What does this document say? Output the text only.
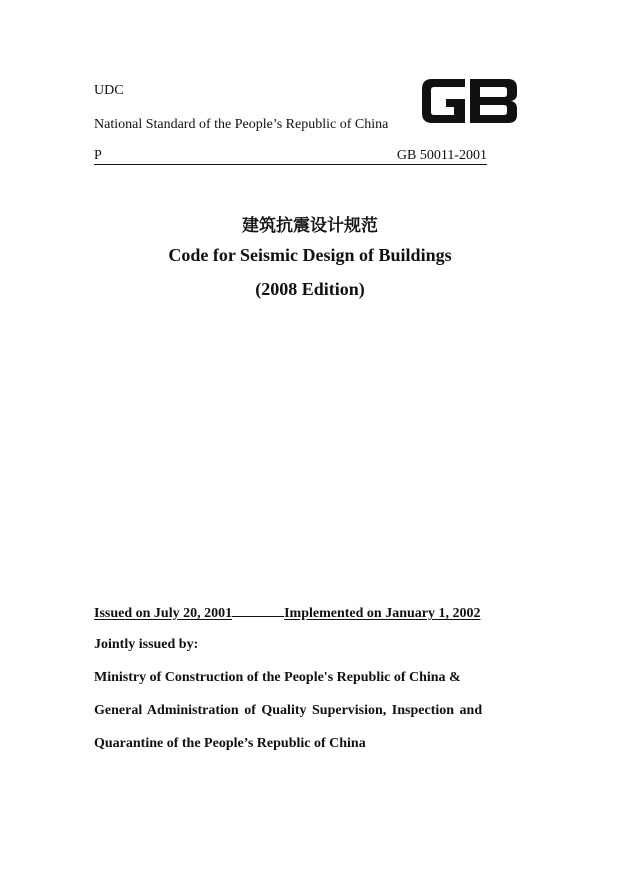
UDC
National Standard of the People’s Republic of China	GB
P	GB 50011-2001
建筑抗震设计规范
Code for Seismic Design of Buildings
(2008 Edition)
Issued on July 20, 2001	Implemented on January 1, 2002
Jointly issued by:
Ministry of Construction of the People's Republic of China &
General Administration of Quality Supervision, Inspection and
Quarantine of the People’s Republic of China
